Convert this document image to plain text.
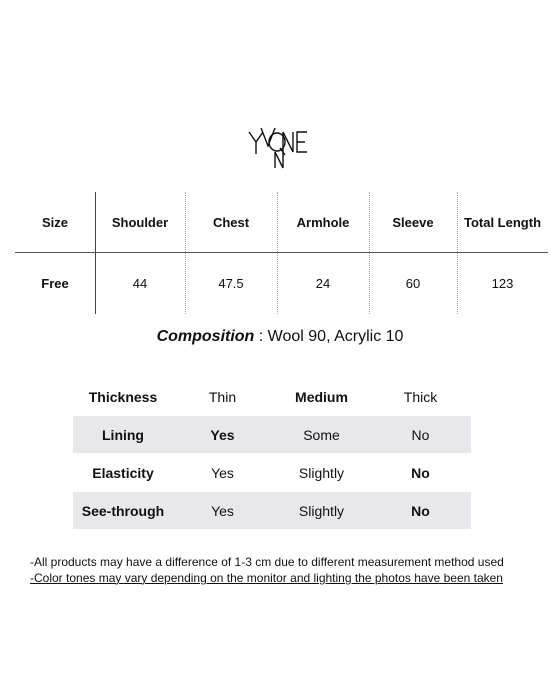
Size	Shoulder	Chest	Armhole	Sleeve	Total Length
Free	44	47.5	24	60	123
Composition : Wool 90, Acrylic 10
Thickness	Thin	Medium	Thick
Lining	Yes	Some	No
Elasticity	Yes	Slightly	No
See-through	Yes	Slightly	No
-All products may have a difference of 1-3 cm due to different measurement method used
-Color tones may vary depending on the monitor and lighting the photos have been taken
